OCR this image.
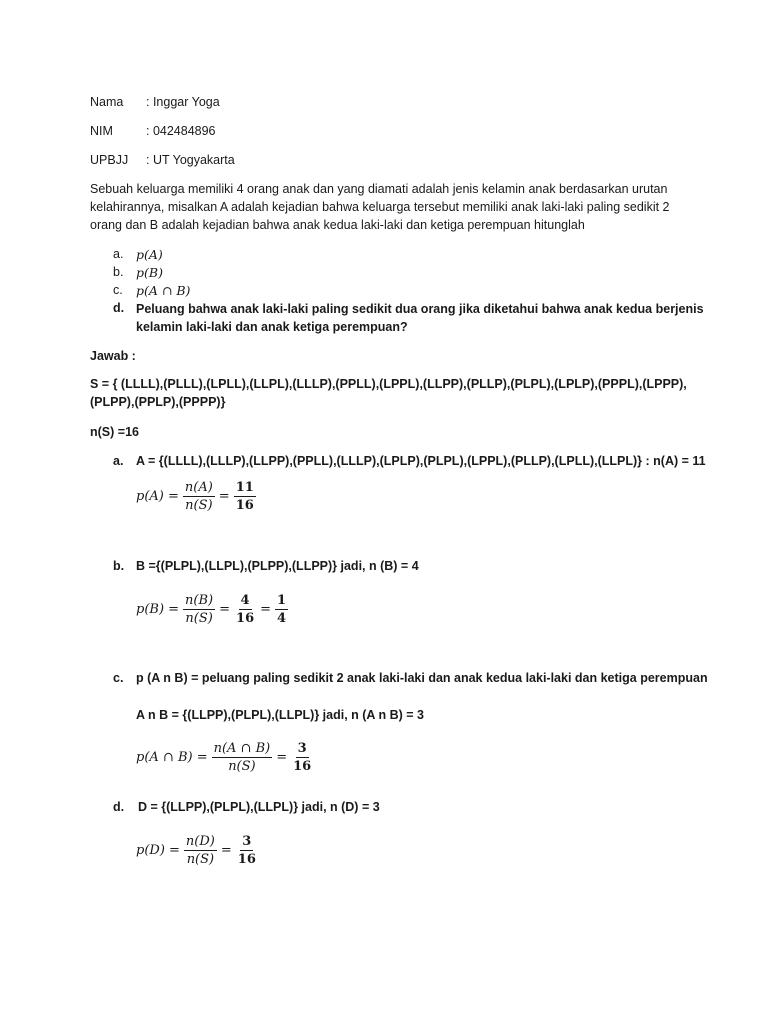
Nama : Inggar Yoga
NIM	: 042484896
UPBJJ : UT Yogyakarta
Sebuah keluarga memiliki 4 orang anak dan yang diamati adalah jenis kelamin anak berdasarkan urutan kelahirannya, misalkan A adalah kejadian bahwa keluarga tersebut memiliki anak laki-laki paling sedikit 2 orang dan B adalah kejadian bahwa anak kedua laki-laki dan ketiga perempuan hitunglah
a. p(A)
b. p(B)
c. p(A ∩ B)
d. Peluang bahwa anak laki-laki paling sedikit dua orang jika diketahui bahwa anak kedua berjenis
kelamin laki-laki dan anak ketiga perempuan?
Jawab :
S = { (LLLL),(PLLL),(LPLL),(LLPL),(LLLP),(PPLL),(LPPL),(LLPP),(PLLP),(PLPL),(LPLP),(PPPL),(LPPP),
(PLPP),(PPLP),(PPPP)}
n(S) =16
a. A = {(LLLL),(LLLP),(LLPP),(PPLL),(LLLP),(LPLP),(PLPL),(LPPL),(PLLP),(LPLL),(LLPL)} : n(A) = 11
$p(A) = \frac{n(A)}{n(S)} = \frac{11}{16}$
b. B ={(PLPL),(LLPL),(PLPP),(LLPP)} jadi, n (B) = 4
$p(B) = \frac{n(B)}{n(S)} = \frac{4}{16} = \frac{1}{4}$
c. p (A n B) = peluang paling sedikit 2 anak laki-laki dan anak kedua laki-laki dan ketiga perempuan
A n B = {(LLPP),(PLPL),(LLPL)} jadi, n (A n B) = 3
p(A ∩ $B) = \frac{n(A \cap B)}{n(S)} = \frac{3}{16}$
d. D = {(LLPP),(PLPL),(LLPL)} jadi, n (D) = 3
$p(D) = \frac{n(D)}{n(S)} = \frac{3}{16}$
